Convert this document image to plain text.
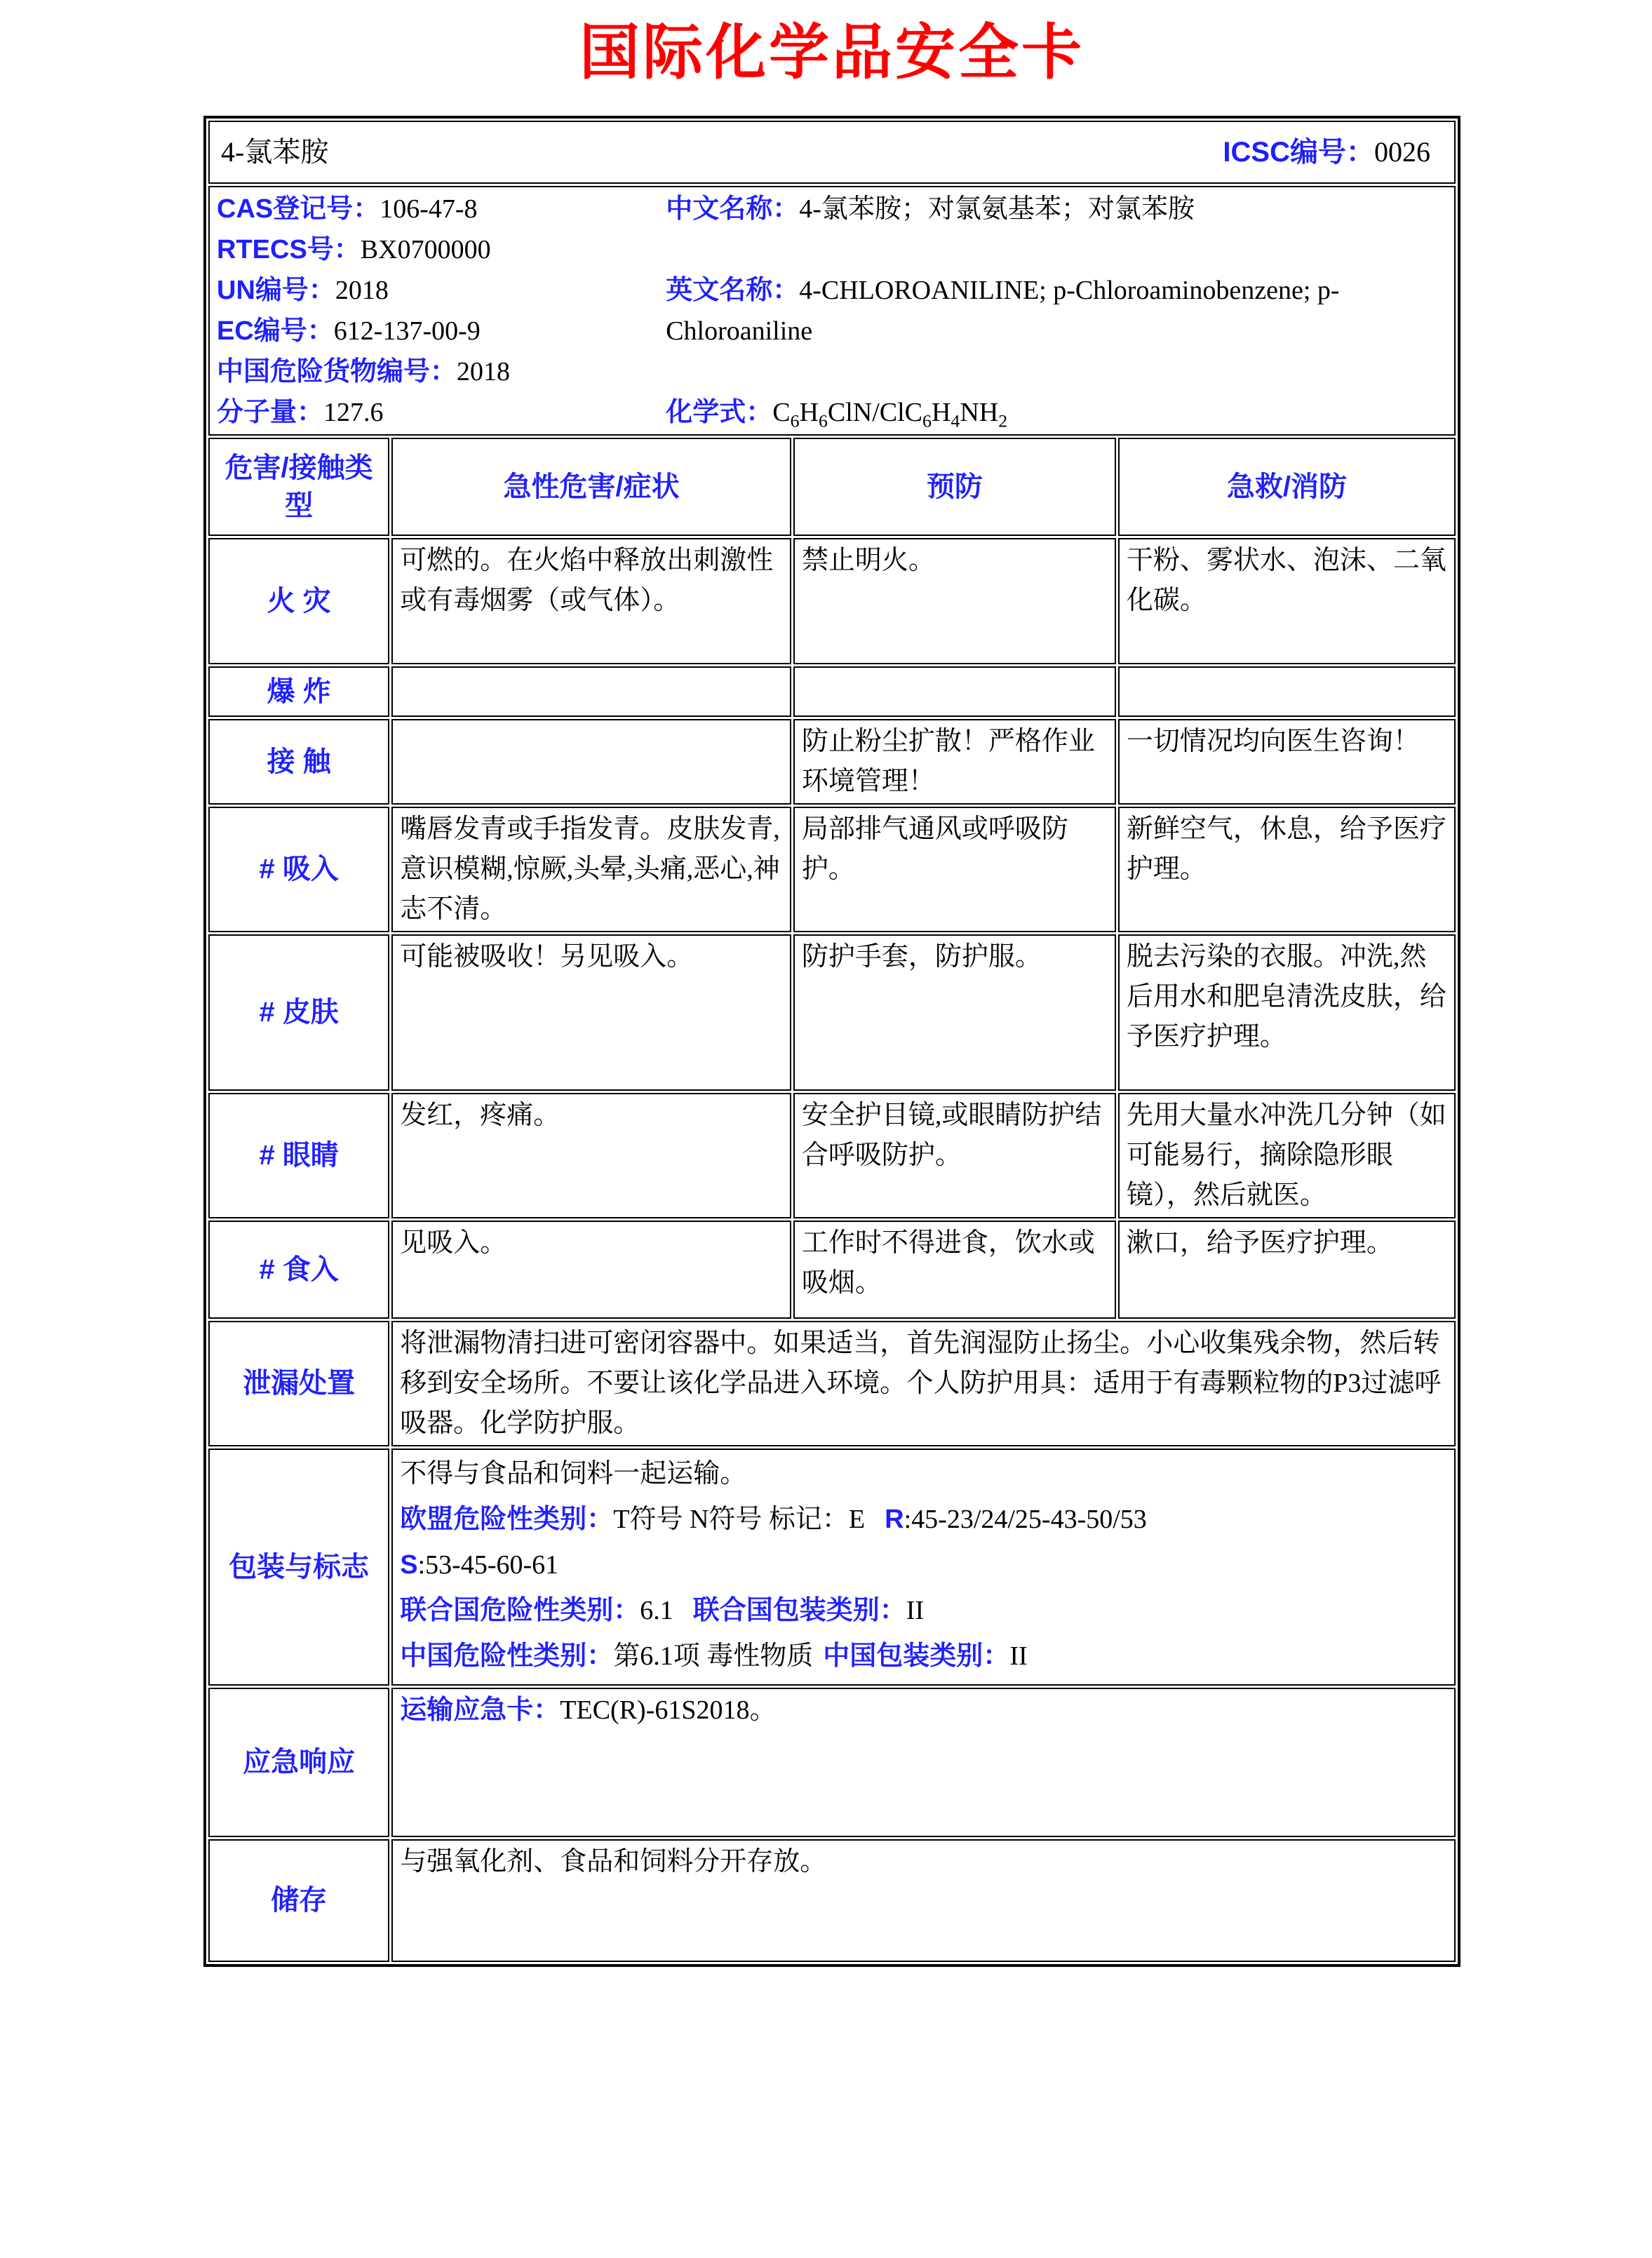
国际化学品安全卡
4-氯苯胺 ICSC编号：0026			

CAS登记号：106-47-8

RTECS号：BX0700000

UN编号：2018

EC编号：612-137-00-9

中国危险货物编号：2018

分子量：127.6

中文名称：4-氯苯胺；对氯氨基苯；对氯苯胺

英文名称：4-CHLOROANILINE; p-Chloroaminobenzene; p-Chloroaniline

化学式：$C_6H_6ClN/ClC_6H_4NH_2$

危害/接触类型	急性危害/症状	预防	急救/消防
火 灾	可燃的。在火焰中释放出刺激性或有毒烟雾（或气体）。	禁止明火。	干粉、雾状水、泡沫、二氧化碳。
爆 炸			
接 触		防止粉尘扩散！严格作业环境管理！	一切情况均向医生咨询！
# 吸入	嘴唇发青或手指发青。皮肤发青,意识模糊,惊厥,头晕,头痛,恶心,神志不清。	局部排气通风或呼吸防护。	新鲜空气，休息，给予医疗护理。
# 皮肤	可能被吸收！另见吸入。	防护手套，防护服。	脱去污染的衣服。冲洗,然后用水和肥皂清洗皮肤，给予医疗护理。
# 眼睛	发红，疼痛。	安全护目镜,或眼睛防护结合呼吸防护。	先用大量水冲洗几分钟（如可能易行，摘除隐形眼镜），然后就医。
# 食入	见吸入。	工作时不得进食，饮水或吸烟。	漱口，给予医疗护理。
泄漏处置	将泄漏物清扫进可密闭容器中。如果适当，首先润湿防止扬尘。小心收集残余物，然后转移到安全场所。不要让该化学品进入环境。个人防护用具：适用于有毒颗粒物的P3过滤呼吸器。化学防护服。		
包装与标志	不得与食品和饲料一起运输。

欧盟危险性类别：T符号 N符号 标记：E R:45-23/24/25-43-50/53

S:53-45-60-61

联合国危险性类别：6.1 联合国包装类别：II

中国危险性类别：第6.1项 毒性物质 中国包装类别：II		

应急响应	运输应急卡：TEC(R)-61S2018。		
储存	与强氧化剂、食品和饲料分开存放。		
